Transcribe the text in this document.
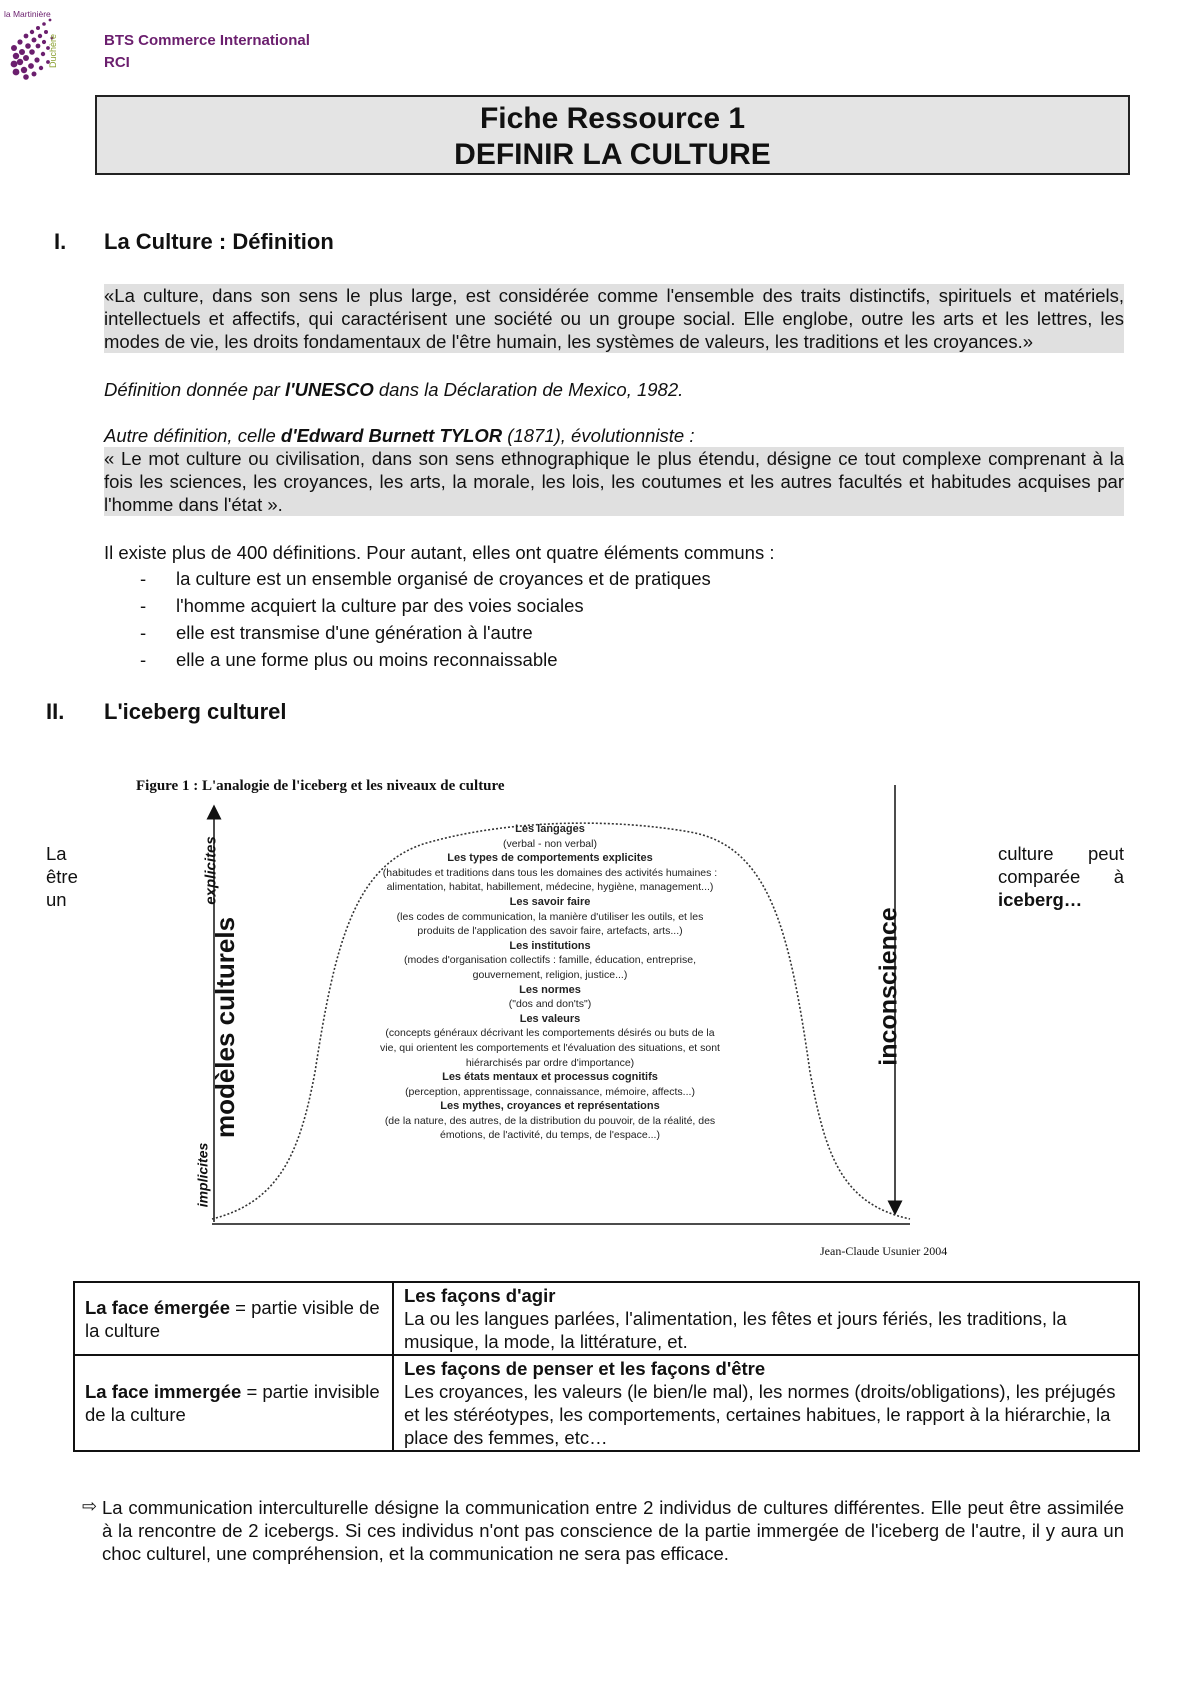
Duchère
la Martinière
BTS Commerce International
RCI
Fiche Ressource 1
DEFINIR LA CULTURE
I. La Culture : Définition
«La culture, dans son sens le plus large, est considérée comme l'ensemble des traits distinctifs, spirituels et matériels, intellectuels et affectifs, qui caractérisent une société ou un groupe social. Elle englobe, outre les arts et les lettres, les modes de vie, les droits fondamentaux de l'être humain, les systèmes de valeurs, les traditions et les croyances.»
Définition donnée par l'UNESCO dans la Déclaration de Mexico, 1982.
Autre définition, celle d'Edward Burnett TYLOR (1871), évolutionniste :
« Le mot culture ou civilisation, dans son sens ethnographique le plus étendu, désigne ce tout complexe comprenant à la fois les sciences, les croyances, les arts, la morale, les lois, les coutumes et les autres facultés et habitudes acquises par l'homme dans l'état ».
Il existe plus de 400 définitions. Pour autant, elles ont quatre éléments communs :
- la culture est un ensemble organisé de croyances et de pratiques
- l'homme acquiert la culture par des voies sociales
- elle est transmise d'une génération à l'autre
- elle a une forme plus ou moins reconnaissable
II. L'iceberg culturel
La
être
un
culture peut
comparée à
iceberg…
Figure 1 : L'analogie de l'iceberg et les niveaux de culture
explicites
modèles culturels
implicites
inconscience
Les langages
(verbal - non verbal)
Les types de comportements explicites
(habitudes et traditions dans tous les domaines des activités humaines : alimentation, habitat, habillement, médecine, hygiène, management...)
Les savoir faire
(les codes de communication, la manière d'utiliser les outils, et les produits de l'application des savoir faire, artefacts, arts...)
Les institutions
(modes d'organisation collectifs : famille, éducation, entreprise, gouvernement, religion, justice...)
Les normes
("dos and don'ts")
Les valeurs
(concepts généraux décrivant les comportements désirés ou buts de la vie, qui orientent les comportements et l'évaluation des situations, et sont hiérarchisés par ordre d'importance)
Les états mentaux et processus cognitifs
(perception, apprentissage, connaissance, mémoire, affects...)
Les mythes, croyances et représentations
(de la nature, des autres, de la distribution du pouvoir, de la réalité, des émotions, de l'activité, du temps, de l'espace...)
Jean-Claude Usunier 2004
La face émergée = partie visible de la culture	Les façons d'agir
La ou les langues parlées, l'alimentation, les fêtes et jours fériés, les traditions, la musique, la mode, la littérature, et.

La face immergée = partie invisible de la culture	Les façons de penser et les façons d'être
Les croyances, les valeurs (le bien/le mal), les normes (droits/obligations), les préjugés et les stéréotypes, les comportements, certaines habitues, le rapport à la hiérarchie, la place des femmes, etc…
⇨ La communication interculturelle désigne la communication entre 2 individus de cultures différentes. Elle peut être assimilée à la rencontre de 2 icebergs. Si ces individus n'ont pas conscience de la partie immergée de l'iceberg de l'autre, il y aura un choc culturel, une compréhension, et la communication ne sera pas efficace.
